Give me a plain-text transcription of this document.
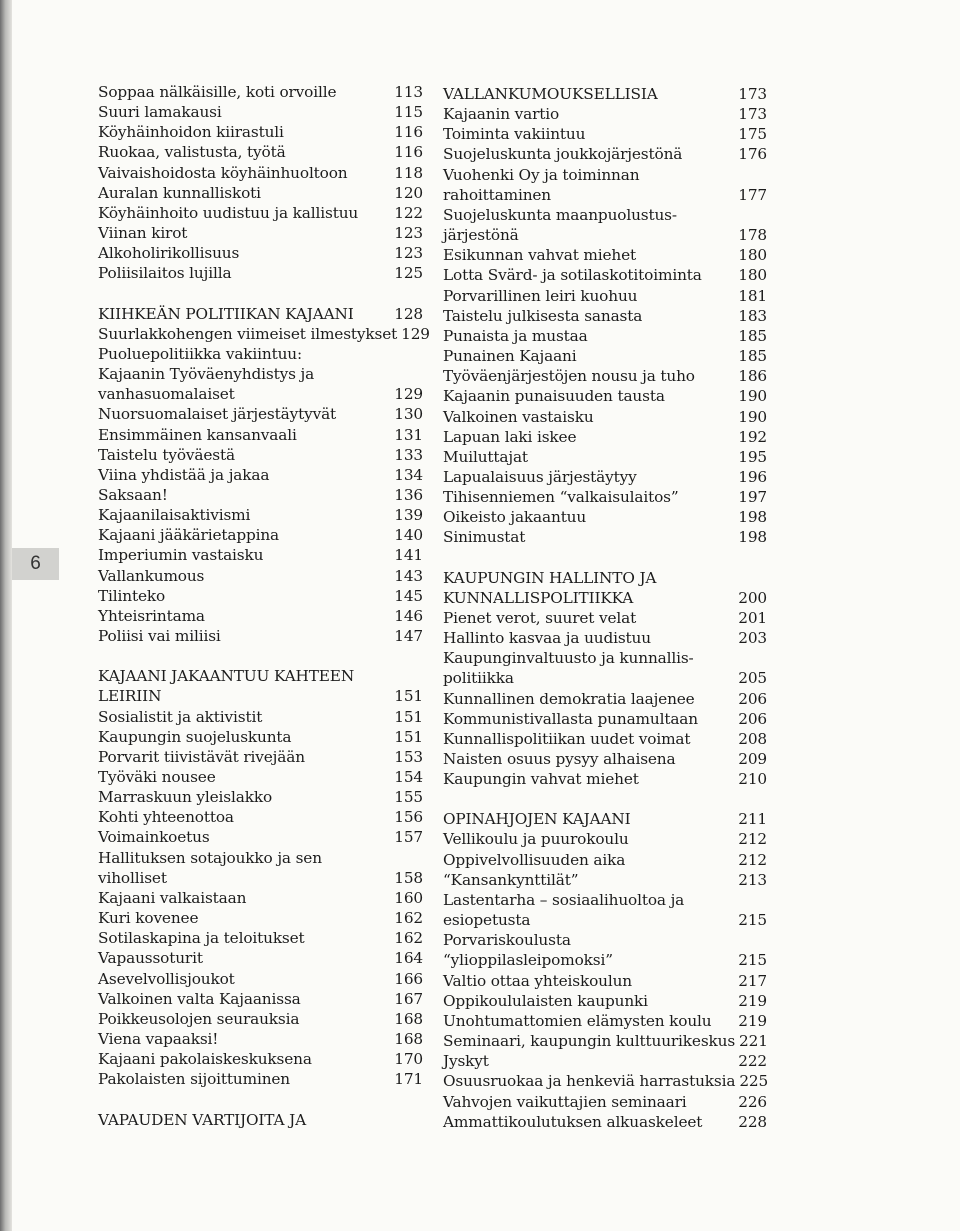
6
Soppaa nälkäisille, koti orvoille	113
Suuri lamakausi	115
Köyhäinhoidon kiirastuli	116
Ruokaa, valistusta, työtä	116
Vaivaishoidosta köyhäinhuoltoon	118
Auralan kunnalliskoti	120
Köyhäinhoito uudistuu ja kallistuu	122
Viinan kirot	123
Alkoholirikollisuus	123
Poliisilaitos lujilla	125
KIIHKEÄN POLITIIKAN KAJAANI	128
Suurlakkohengen viimeiset ilmestykset 129
Puoluepolitiikka vakiintuu:
Kajaanin Työväenyhdistys ja
vanhasuomalaiset	129
Nuorsuomalaiset järjestäytyvät	130
Ensimmäinen kansanvaali	131
Taistelu työväestä	133
Viina yhdistää ja jakaa	134
Saksaan!	136
Kajaanilaisaktivismi	139
Kajaani jääkärietappina	140
Imperiumin vastaisku	141
Vallankumous	143
Tilinteko	145
Yhteisrintama	146
Poliisi vai miliisi	147
KAJAANI JAKAANTUU KAHTEEN
LEIRIIN	151
Sosialistit ja aktivistit	151
Kaupungin suojeluskunta	151
Porvarit tiivistävät rivejään	153
Työväki nousee	154
Marraskuun yleislakko	155
Kohti yhteenottoa	156
Voimainkoetus	157
Hallituksen sotajoukko ja sen
viholliset	158
Kajaani valkaistaan	160
Kuri kovenee	162
Sotilaskapina ja teloitukset	162
Vapaussoturit	164
Asevelvollisjoukot	166
Valkoinen valta Kajaanissa	167
Poikkeusolojen seurauksia	168
Viena vapaaksi!	168
Kajaani pakolaiskeskuksena	170
Pakolaisten sijoittuminen	171
VAPAUDEN VARTIJOITA JA
VALLANKUMOUKSELLISIA	173
Kajaanin vartio	173
Toiminta vakiintuu	175
Suojeluskunta joukkojärjestönä	176
Vuohenki Oy ja toiminnan
rahoittaminen	177
Suojeluskunta maanpuolustus-
järjestönä	178
Esikunnan vahvat miehet	180
Lotta Svärd- ja sotilaskotitoiminta	180
Porvarillinen leiri kuohuu	181
Taistelu julkisesta sanasta	183
Punaista ja mustaa	185
Punainen Kajaani	185
Työväenjärjestöjen nousu ja tuho	186
Kajaanin punaisuuden tausta	190
Valkoinen vastaisku	190
Lapuan laki iskee	192
Muiluttajat	195
Lapualaisuus järjestäytyy	196
Tihisenniemen “valkaisulaitos”	197
Oikeisto jakaantuu	198
Sinimustat	198
KAUPUNGIN HALLINTO JA
KUNNALLISPOLITIIKKA	200
Pienet verot, suuret velat	201
Hallinto kasvaa ja uudistuu	203
Kaupunginvaltuusto ja kunnallis-
politiikka	205
Kunnallinen demokratia laajenee	206
Kommunistivallasta punamultaan	206
Kunnallispolitiikan uudet voimat	208
Naisten osuus pysyy alhaisena	209
Kaupungin vahvat miehet	210
OPINAHJOJEN KAJAANI	211
Vellikoulu ja puurokoulu	212
Oppivelvollisuuden aika	212
“Kansankynttilät”	213
Lastentarha – sosiaalihuoltoa ja
esiopetusta	215
Porvariskoulusta
“ylioppilasleipomoksi”	215
Valtio ottaa yhteiskoulun	217
Oppikoululaisten kaupunki	219
Unohtumattomien elämysten koulu	219
Seminaari, kaupungin kulttuurikeskus 221
Jyskyt	222
Osuusruokaa ja henkeviä harrastuksia 225
Vahvojen vaikuttajien seminaari	226
Ammattikoulutuksen alkuaskeleet	228
